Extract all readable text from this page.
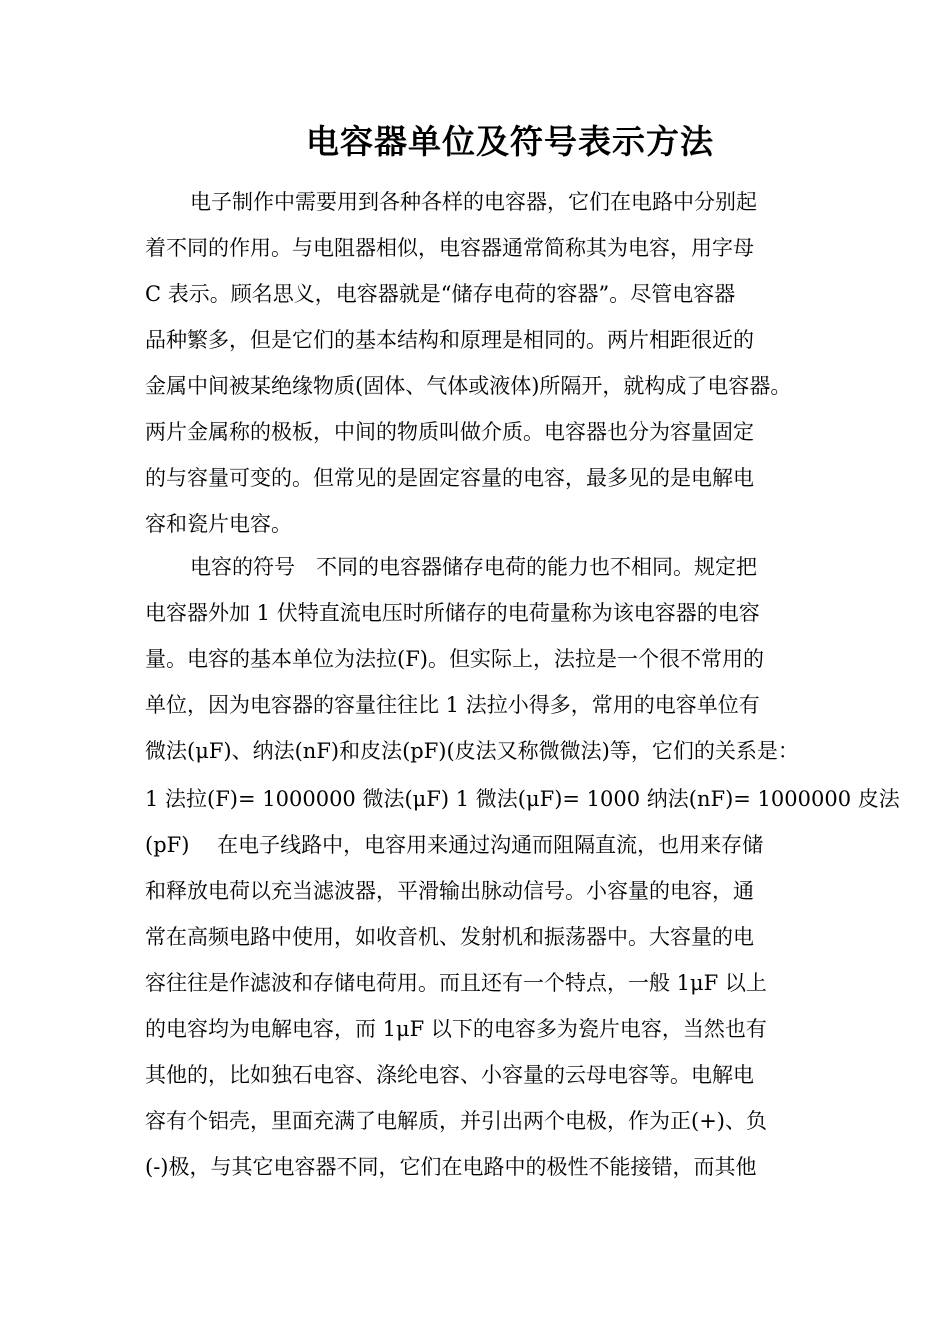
电容器单位及符号表示方法

电子制作中需要用到各种各样的电容器，它们在电路中分别起

着不同的作用。与电阻器相似，电容器通常简称其为电容，用字母

C 表示。顾名思义，电容器就是“储存电荷的容器”。尽管电容器

品种繁多，但是它们的基本结构和原理是相同的。两片相距很近的

金属中间被某绝缘物质(固体、气体或液体)所隔开，就构成了电容器。

两片金属称的极板，中间的物质叫做介质。电容器也分为容量固定

的与容量可变的。但常见的是固定容量的电容，最多见的是电解电

容和瓷片电容。

电容的符号　不同的电容器储存电荷的能力也不相同。规定把

电容器外加 1 伏特直流电压时所储存的电荷量称为该电容器的电容

量。电容的基本单位为法拉(F)。但实际上，法拉是一个很不常用的

单位，因为电容器的容量往往比 1 法拉小得多，常用的电容单位有

微法(μF)、纳法(nF)和皮法(pF)(皮法又称微微法)等，它们的关系是：

1 法拉(F)= 1000000 微法(μF) 1 微法(μF)= 1000 纳法(nF)= 1000000 皮法

(pF)　 在电子线路中，电容用来通过沟通而阻隔直流，也用来存储

和释放电荷以充当滤波器，平滑输出脉动信号。小容量的电容，通

常在高频电路中使用，如收音机、发射机和振荡器中。大容量的电

容往往是作滤波和存储电荷用。而且还有一个特点，一般 1μF 以上

的电容均为电解电容，而 1μF 以下的电容多为瓷片电容，当然也有

其他的，比如独石电容、涤纶电容、小容量的云母电容等。电解电

容有个铝壳，里面充满了电解质，并引出两个电极，作为正(+)、负

(-)极，与其它电容器不同，它们在电路中的极性不能接错，而其他
